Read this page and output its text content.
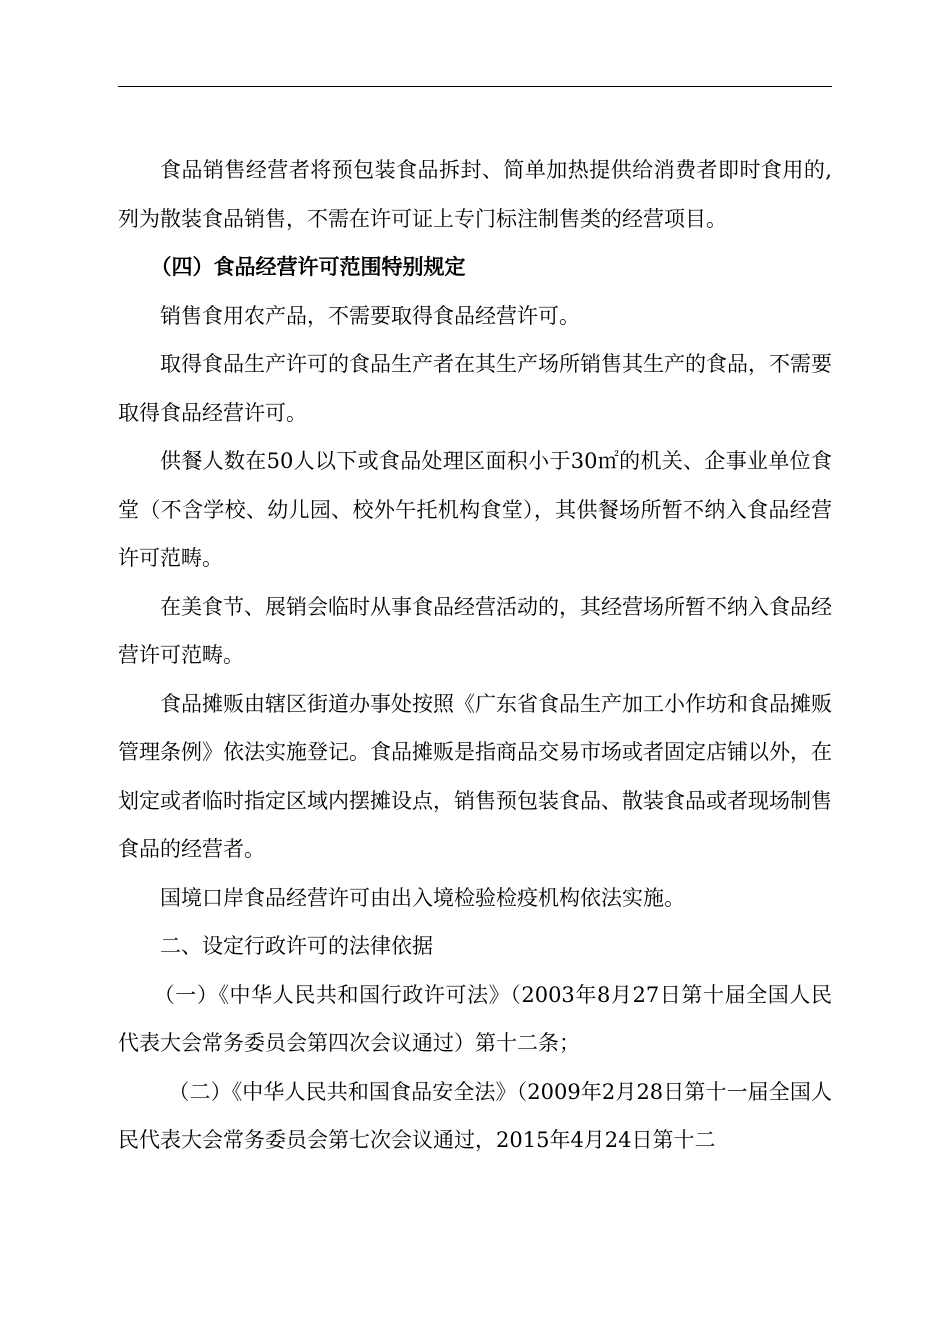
食品销售经营者将预包装食品拆封、简单加热提供给消费者即时食用的,列为散装食品销售，不需在许可证上专门标注制售类的经营项目。

（四）食品经营许可范围特别规定

销售食用农产品，不需要取得食品经营许可。

取得食品生产许可的食品生产者在其生产场所销售其生产的食品，不需要取得食品经营许可。

供餐人数在50人以下或食品处理区面积小于30㎡的机关、企事业单位食堂（不含学校、幼儿园、校外午托机构食堂），其供餐场所暂不纳入食品经营许可范畴。

在美食节、展销会临时从事食品经营活动的，其经营场所暂不纳入食品经营许可范畴。

食品摊贩由辖区街道办事处按照《广东省食品生产加工小作坊和食品摊贩管理条例》依法实施登记。食品摊贩是指商品交易市场或者固定店铺以外，在划定或者临时指定区域内摆摊设点，销售预包装食品、散装食品或者现场制售食品的经营者。

国境口岸食品经营许可由出入境检验检疫机构依法实施。

二、设定行政许可的法律依据

（一）《中华人民共和国行政许可法》（2003年8月27日第十届全国人民代表大会常务委员会第四次会议通过）第十二条；

（二）《中华人民共和国食品安全法》（2009年2月28日第十一届全国人民代表大会常务委员会第七次会议通过，2015年4月24日第十二
